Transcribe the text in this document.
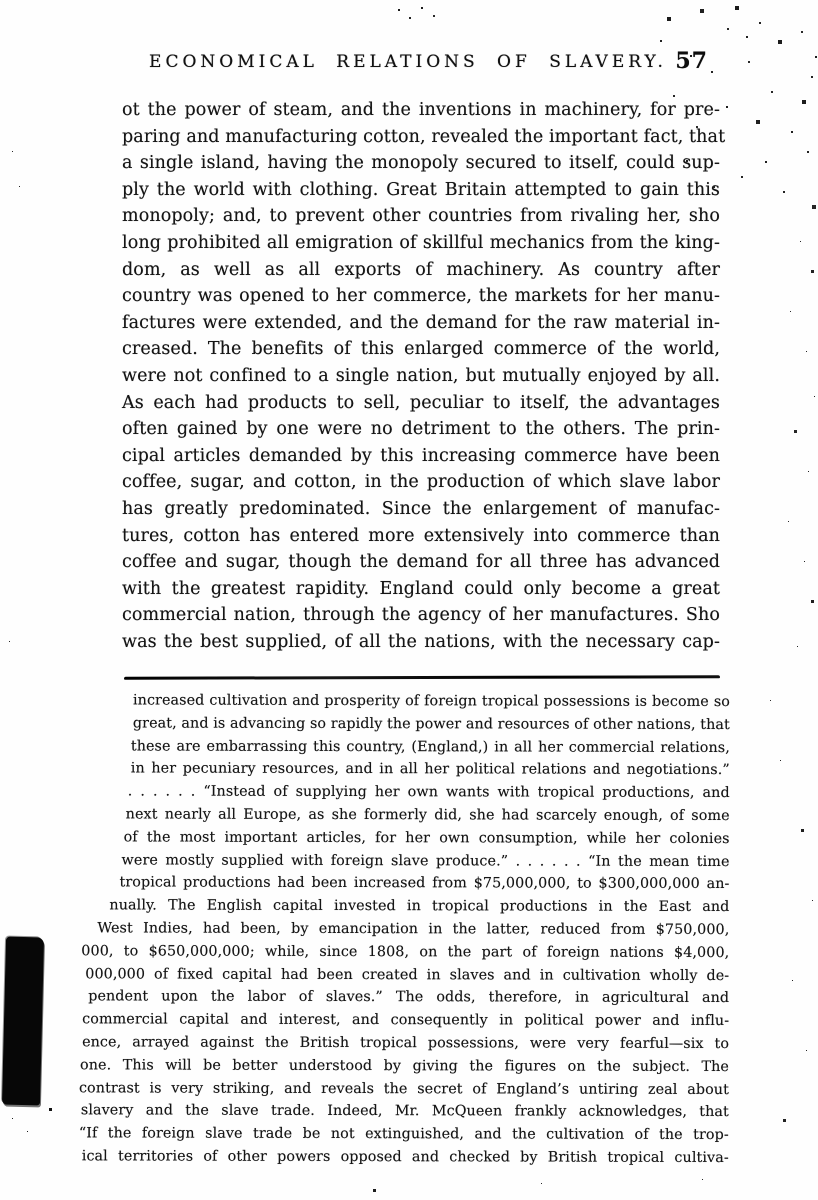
ECONOMICAL RELATIONS OF SLAVERY. 57
ot the power of steam, and the inventions in machinery, for pre-
paring and manufacturing cotton, revealed the important fact, that
a single island, having the monopoly secured to itself, could sup-
ply the world with clothing. Great Britain attempted to gain this
monopoly; and, to prevent other countries from rivaling her, sho
long prohibited all emigration of skillful mechanics from the king-
dom, as well as all exports of machinery. As country after
country was opened to her commerce, the markets for her manu-
factures were extended, and the demand for the raw material in-
creased. The benefits of this enlarged commerce of the world,
were not confined to a single nation, but mutually enjoyed by all.
As each had products to sell, peculiar to itself, the advantages
often gained by one were no detriment to the others. The prin-
cipal articles demanded by this increasing commerce have been
coffee, sugar, and cotton, in the production of which slave labor
has greatly predominated. Since the enlargement of manufac-
tures, cotton has entered more extensively into commerce than
coffee and sugar, though the demand for all three has advanced
with the greatest rapidity. England could only become a great
commercial nation, through the agency of her manufactures. Sho
was the best supplied, of all the nations, with the necessary cap-
increased cultivation and prosperity of foreign tropical possessions is become so
great, and is advancing so rapidly the power and resources of other nations, that
these are embarrassing this country, (England,) in all her commercial relations,
in her pecuniary resources, and in all her political relations and negotiations.”
. . . . . . “Instead of supplying her own wants with tropical productions, and
next nearly all Europe, as she formerly did, she had scarcely enough, of some
of the most important articles, for her own consumption, while her colonies
were mostly supplied with foreign slave produce.” . . . . . . “In the mean time
tropical productions had been increased from $75,000,000, to $300,000,000 an-
nually. The English capital invested in tropical productions in the East and
West Indies, had been, by emancipation in the latter, reduced from $750,000,
000, to $650,000,000; while, since 1808, on the part of foreign nations $4,000,
000,000 of fixed capital had been created in slaves and in cultivation wholly de-
pendent upon the labor of slaves.” The odds, therefore, in agricultural and
commercial capital and interest, and consequently in political power and influ-
ence, arrayed against the British tropical possessions, were very fearful—six to
one. This will be better understood by giving the figures on the subject. The
contrast is very striking, and reveals the secret of England’s untiring zeal about
slavery and the slave trade. Indeed, Mr. McQueen frankly acknowledges, that
“If the foreign slave trade be not extinguished, and the cultivation of the trop-
ical territories of other powers opposed and checked by British tropical cultiva-
